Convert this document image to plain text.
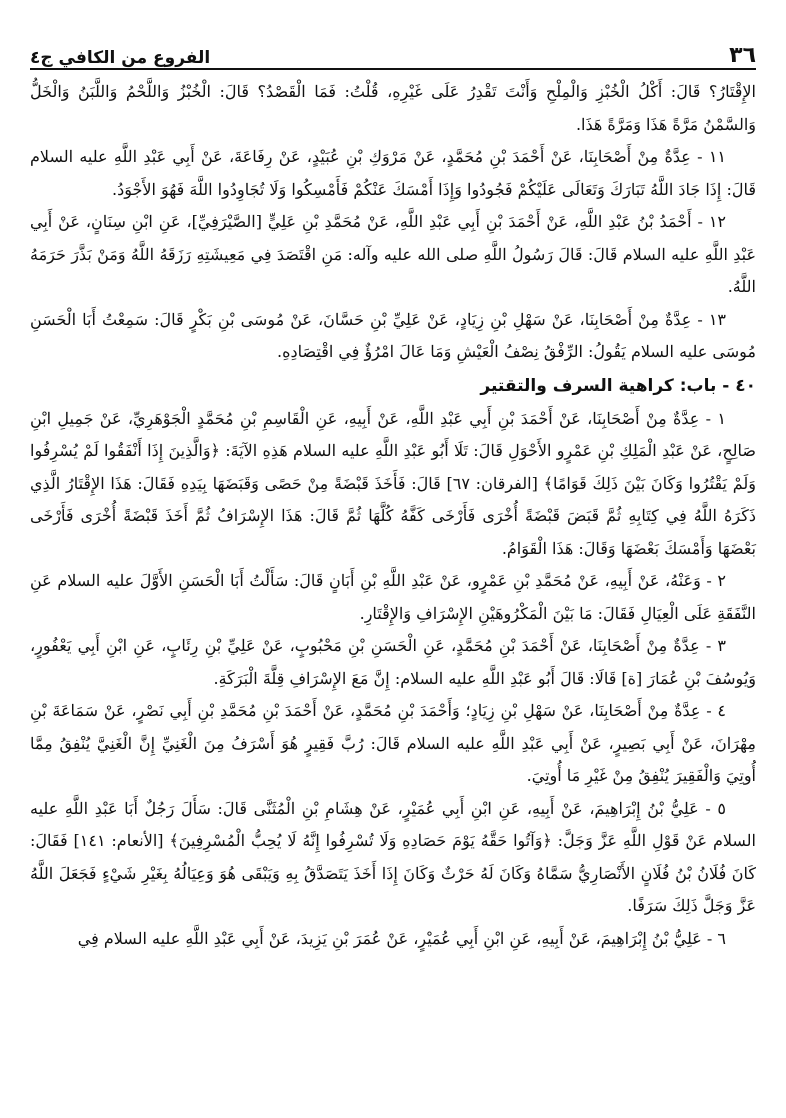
٣٦
الفروع من الكافي ج٤

الإِقْتَارُ؟ قَالَ: أَكْلُ الْخُبْزِ وَالْمِلْحِ وَأَنْتَ تَقْدِرُ عَلَى غَيْرِهِ، قُلْتُ: فَمَا الْقَصْدُ؟ قَالَ: الْخُبْزُ وَاللَّحْمُ وَاللَّبَنُ وَالْخَلُّ وَالسَّمْنُ مَرَّةً هَذَا وَمَرَّةً هَذَا.

١١ - عِدَّةٌ مِنْ أَصْحَابِنَا، عَنْ أَحْمَدَ بْنِ مُحَمَّدٍ، عَنْ مَرْوَكِ بْنِ عُبَيْدٍ، عَنْ رِفَاعَةَ، عَنْ أَبِي عَبْدِ اللَّهِ عليه السلام قَالَ: إِذَا جَادَ اللَّهُ تَبَارَكَ وَتَعَالَى عَلَيْكُمْ فَجُودُوا وَإِذَا أَمْسَكَ عَنْكُمْ فَأَمْسِكُوا وَلَا تُجَاوِدُوا اللَّهَ فَهُوَ الأَجْوَدُ.

١٢ - أَحْمَدُ بْنُ عَبْدِ اللَّهِ، عَنْ أَحْمَدَ بْنِ أَبِي عَبْدِ اللَّهِ، عَنْ مُحَمَّدِ بْنِ عَلِيٍّ [الصَّيْرَفِيِّ]، عَنِ ابْنِ سِنَانٍ، عَنْ أَبِي عَبْدِ اللَّهِ عليه السلام قَالَ: قَالَ رَسُولُ اللَّهِ صلى الله عليه وآله: مَنِ اقْتَصَدَ فِي مَعِيشَتِهِ رَزَقَهُ اللَّهُ وَمَنْ بَذَّرَ حَرَمَهُ اللَّهُ.

١٣ - عِدَّةٌ مِنْ أَصْحَابِنَا، عَنْ سَهْلِ بْنِ زِيَادٍ، عَنْ عَلِيِّ بْنِ حَسَّانَ، عَنْ مُوسَى بْنِ بَكْرٍ قَالَ: سَمِعْتُ أَبَا الْحَسَنِ مُوسَى عليه السلام يَقُولُ: الرِّفْقُ نِصْفُ الْعَيْشِ وَمَا عَالَ امْرُؤٌ فِي اقْتِصَادِهِ.

٤٠ - باب: كراهية السرف والتقتير

١ - عِدَّةٌ مِنْ أَصْحَابِنَا، عَنْ أَحْمَدَ بْنِ أَبِي عَبْدِ اللَّهِ، عَنْ أَبِيهِ، عَنِ الْقَاسِمِ بْنِ مُحَمَّدٍ الْجَوْهَرِيِّ، عَنْ جَمِيلِ ابْنِ صَالِحٍ، عَنْ عَبْدِ الْمَلِكِ بْنِ عَمْرٍو الأَحْوَلِ قَالَ: تَلَا أَبُو عَبْدِ اللَّهِ عليه السلام هَذِهِ الآيَةَ: ﴿وَالَّذِينَ إِذَا أَنْفَقُوا لَمْ يُسْرِفُوا وَلَمْ يَقْتُرُوا وَكَانَ بَيْنَ ذَلِكَ قَوَامًا﴾ [الفرقان: ٦٧] قَالَ: فَأَخَذَ قَبْضَةً مِنْ حَصًى وَقَبَضَهَا بِيَدِهِ فَقَالَ: هَذَا الإِقْتَارُ الَّذِي ذَكَرَهُ اللَّهُ فِي كِتَابِهِ ثُمَّ قَبَضَ قَبْضَةً أُخْرَى فَأَرْخَى كَفَّهُ كُلَّهَا ثُمَّ قَالَ: هَذَا الإِسْرَافُ ثُمَّ أَخَذَ قَبْضَةً أُخْرَى فَأَرْخَى بَعْضَهَا وَأَمْسَكَ بَعْضَهَا وَقَالَ: هَذَا الْقَوَامُ.

٢ - وَعَنْهُ، عَنْ أَبِيهِ، عَنْ مُحَمَّدِ بْنِ عَمْرٍو، عَنْ عَبْدِ اللَّهِ بْنِ أَبَانٍ قَالَ: سَأَلْتُ أَبَا الْحَسَنِ الأَوَّلَ عليه السلام عَنِ النَّفَقَةِ عَلَى الْعِيَالِ فَقَالَ: مَا بَيْنَ الْمَكْرُوهَيْنِ الإِسْرَافِ وَالإِقْتَارِ.

٣ - عِدَّةٌ مِنْ أَصْحَابِنَا، عَنْ أَحْمَدَ بْنِ مُحَمَّدٍ، عَنِ الْحَسَنِ بْنِ مَحْبُوبٍ، عَنْ عَلِيِّ بْنِ رِئَابٍ، عَنِ ابْنِ أَبِي يَعْفُورٍ، وَيُوسُفَ بْنِ عُمَارَ [ة] قَالَا: قَالَ أَبُو عَبْدِ اللَّهِ عليه السلام: إِنَّ مَعَ الإِسْرَافِ قِلَّةَ الْبَرَكَةِ.

٤ - عِدَّةٌ مِنْ أَصْحَابِنَا، عَنْ سَهْلِ بْنِ زِيَادٍ؛ وَأَحْمَدَ بْنِ مُحَمَّدٍ، عَنْ أَحْمَدَ بْنِ مُحَمَّدِ بْنِ أَبِي نَصْرٍ، عَنْ سَمَاعَةَ بْنِ مِهْرَانَ، عَنْ أَبِي بَصِيرٍ، عَنْ أَبِي عَبْدِ اللَّهِ عليه السلام قَالَ: رُبَّ فَقِيرٍ هُوَ أَسْرَفُ مِنَ الْغَنِيِّ إِنَّ الْغَنِيَّ يُنْفِقُ مِمَّا أُوتِيَ وَالْفَقِيرَ يُنْفِقُ مِنْ غَيْرِ مَا أُوتِيَ.

٥ - عَلِيُّ بْنُ إِبْرَاهِيمَ، عَنْ أَبِيهِ، عَنِ ابْنِ أَبِي عُمَيْرٍ، عَنْ هِشَامِ بْنِ الْمُثَنَّى قَالَ: سَأَلَ رَجُلٌ أَبَا عَبْدِ اللَّهِ عليه السلام عَنْ قَوْلِ اللَّهِ عَزَّ وَجَلَّ: ﴿وَآتُوا حَقَّهُ يَوْمَ حَصَادِهِ وَلَا تُسْرِفُوا إِنَّهُ لَا يُحِبُّ الْمُسْرِفِينَ﴾ [الأنعام: ١٤١] فَقَالَ: كَانَ فُلَانُ بْنُ فُلَانٍ الأَنْصَارِيُّ سَمَّاهُ وَكَانَ لَهُ حَرْثٌ وَكَانَ إِذَا أَخَذَ يَتَصَدَّقُ بِهِ وَيَبْقَى هُوَ وَعِيَالُهُ بِغَيْرِ شَيْءٍ فَجَعَلَ اللَّهُ عَزَّ وَجَلَّ ذَلِكَ سَرَفًا.

٦ - عَلِيُّ بْنُ إِبْرَاهِيمَ، عَنْ أَبِيهِ، عَنِ ابْنِ أَبِي عُمَيْرٍ، عَنْ عُمَرَ بْنِ يَزِيدَ، عَنْ أَبِي عَبْدِ اللَّهِ عليه السلام فِي
